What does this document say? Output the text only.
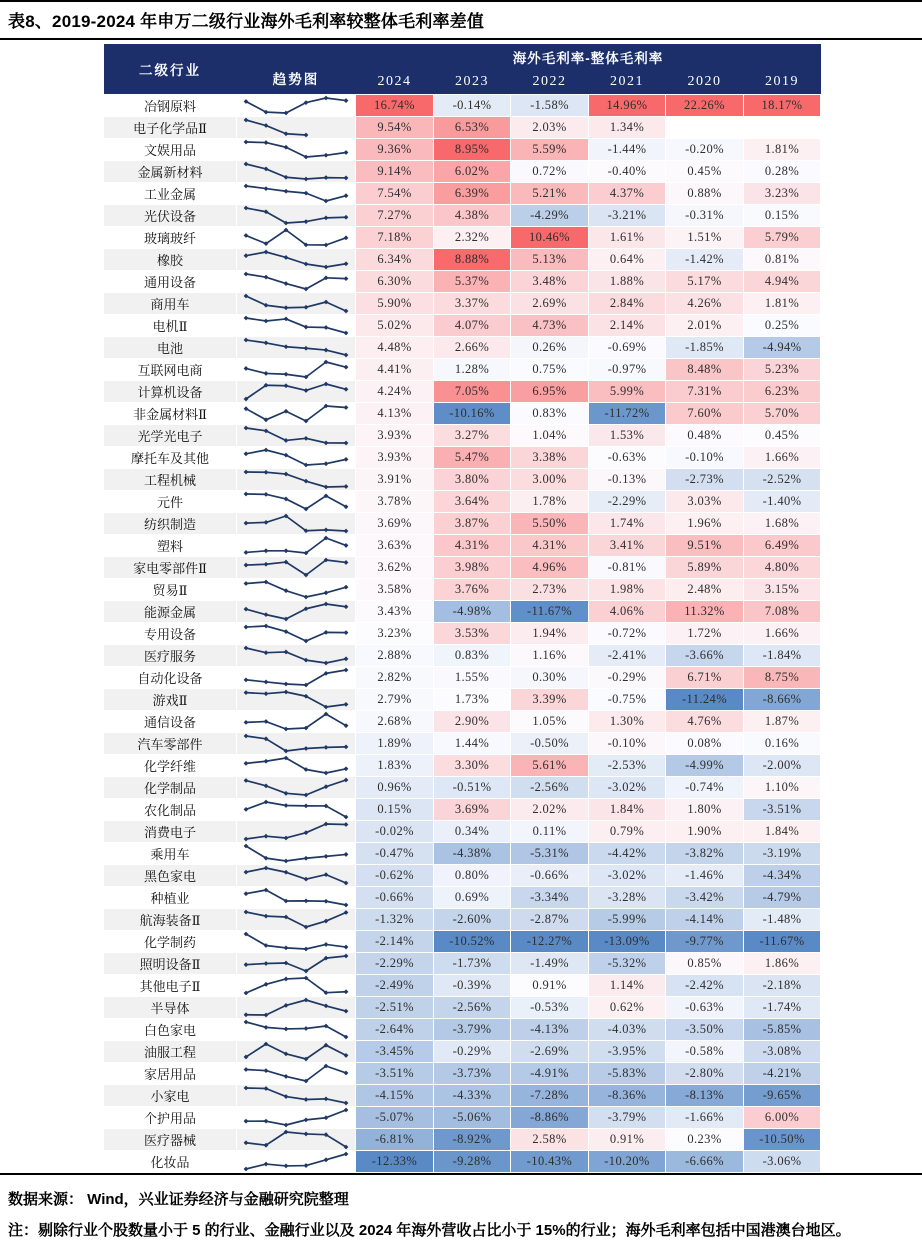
表8、2019-2024 年申万二级行业海外毛利率较整体毛利率差值
二级行业	趋势图	海外毛利率-整体毛利率					
		2024	2023	2022	2021	2020	2019
冶钢原料		16.74%	-0.14%	-1.58%	14.96%	22.26%	18.17%
电子化学品Ⅱ		9.54%	6.53%	2.03%	1.34%		
文娱用品		9.36%	8.95%	5.59%	-1.44%	-0.20%	1.81%
金属新材料		9.14%	6.02%	0.72%	-0.40%	0.45%	0.28%
工业金属		7.54%	6.39%	5.21%	4.37%	0.88%	3.23%
光伏设备		7.27%	4.38%	-4.29%	-3.21%	-0.31%	0.15%
玻璃玻纤		7.18%	2.32%	10.46%	1.61%	1.51%	5.79%
橡胶		6.34%	8.88%	5.13%	0.64%	-1.42%	0.81%
通用设备		6.30%	5.37%	3.48%	1.88%	5.17%	4.94%
商用车		5.90%	3.37%	2.69%	2.84%	4.26%	1.81%
电机Ⅱ		5.02%	4.07%	4.73%	2.14%	2.01%	0.25%
电池		4.48%	2.66%	0.26%	-0.69%	-1.85%	-4.94%
互联网电商		4.41%	1.28%	0.75%	-0.97%	8.48%	5.23%
计算机设备		4.24%	7.05%	6.95%	5.99%	7.31%	6.23%
非金属材料Ⅱ		4.13%	-10.16%	0.83%	-11.72%	7.60%	5.70%
光学光电子		3.93%	3.27%	1.04%	1.53%	0.48%	0.45%
摩托车及其他		3.93%	5.47%	3.38%	-0.63%	-0.10%	1.66%
工程机械		3.91%	3.80%	3.00%	-0.13%	-2.73%	-2.52%
元件		3.78%	3.64%	1.78%	-2.29%	3.03%	-1.40%
纺织制造		3.69%	3.87%	5.50%	1.74%	1.96%	1.68%
塑料		3.63%	4.31%	4.31%	3.41%	9.51%	6.49%
家电零部件Ⅱ		3.62%	3.98%	4.96%	-0.81%	5.89%	4.80%
贸易Ⅱ		3.58%	3.76%	2.73%	1.98%	2.48%	3.15%
能源金属		3.43%	-4.98%	-11.67%	4.06%	11.32%	7.08%
专用设备		3.23%	3.53%	1.94%	-0.72%	1.72%	1.66%
医疗服务		2.88%	0.83%	1.16%	-2.41%	-3.66%	-1.84%
自动化设备		2.82%	1.55%	0.30%	-0.29%	6.71%	8.75%
游戏Ⅱ		2.79%	1.73%	3.39%	-0.75%	-11.24%	-8.66%
通信设备		2.68%	2.90%	1.05%	1.30%	4.76%	1.87%
汽车零部件		1.89%	1.44%	-0.50%	-0.10%	0.08%	0.16%
化学纤维		1.83%	3.30%	5.61%	-2.53%	-4.99%	-2.00%
化学制品		0.96%	-0.51%	-2.56%	-3.02%	-0.74%	1.10%
农化制品		0.15%	3.69%	2.02%	1.84%	1.80%	-3.51%
消费电子		-0.02%	0.34%	0.11%	0.79%	1.90%	1.84%
乘用车		-0.47%	-4.38%	-5.31%	-4.42%	-3.82%	-3.19%
黑色家电		-0.62%	0.80%	-0.66%	-3.02%	-1.46%	-4.34%
种植业		-0.66%	0.69%	-3.34%	-3.28%	-3.42%	-4.79%
航海装备Ⅱ		-1.32%	-2.60%	-2.87%	-5.99%	-4.14%	-1.48%
化学制药		-2.14%	-10.52%	-12.27%	-13.09%	-9.77%	-11.67%
照明设备Ⅱ		-2.29%	-1.73%	-1.49%	-5.32%	0.85%	1.86%
其他电子Ⅱ		-2.49%	-0.39%	0.91%	1.14%	-2.42%	-2.18%
半导体		-2.51%	-2.56%	-0.53%	0.62%	-0.63%	-1.74%
白色家电		-2.64%	-3.79%	-4.13%	-4.03%	-3.50%	-5.85%
油服工程		-3.45%	-0.29%	-2.69%	-3.95%	-0.58%	-3.08%
家居用品		-3.51%	-3.73%	-4.91%	-5.83%	-2.80%	-4.21%
小家电		-4.15%	-4.33%	-7.28%	-8.36%	-8.13%	-9.65%
个护用品		-5.07%	-5.06%	-8.86%	-3.79%	-1.66%	6.00%
医疗器械		-6.81%	-8.92%	2.58%	0.91%	0.23%	-10.50%
化妆品		-12.33%	-9.28%	-10.43%	-10.20%	-6.66%	-3.06%
数据来源： Wind，兴业证券经济与金融研究院整理
注：剔除行业个股数量小于 5 的行业、金融行业以及 2024 年海外营收占比小于 15%的行业；海外毛利率包括中国港澳台地区。
